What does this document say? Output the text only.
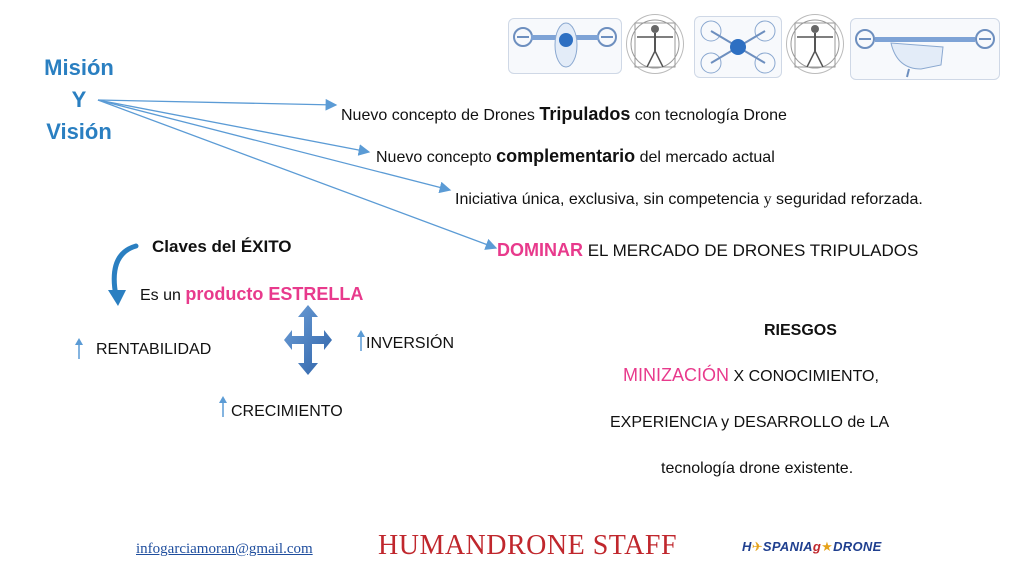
Misión
Y
Visión
Nuevo concepto de Drones Tripulados con tecnología Drone
Nuevo concepto complementario del mercado actual
Iniciativa única, exclusiva, sin competencia y seguridad reforzada.
DOMINAR EL MERCADO DE DRONES TRIPULADOS
Claves del ÉXITO
Es un producto ESTRELLA
INVERSIÓN
RENTABILIDAD
CRECIMIENTO
RIESGOS
MINIZACIÓN X CONOCIMIENTO,
EXPERIENCIA y DESARROLLO de LA
tecnología drone existente.
infogarciamoran@gmail.com HUMANDRONE STAFF	H✈SPANIAg★DRONE
